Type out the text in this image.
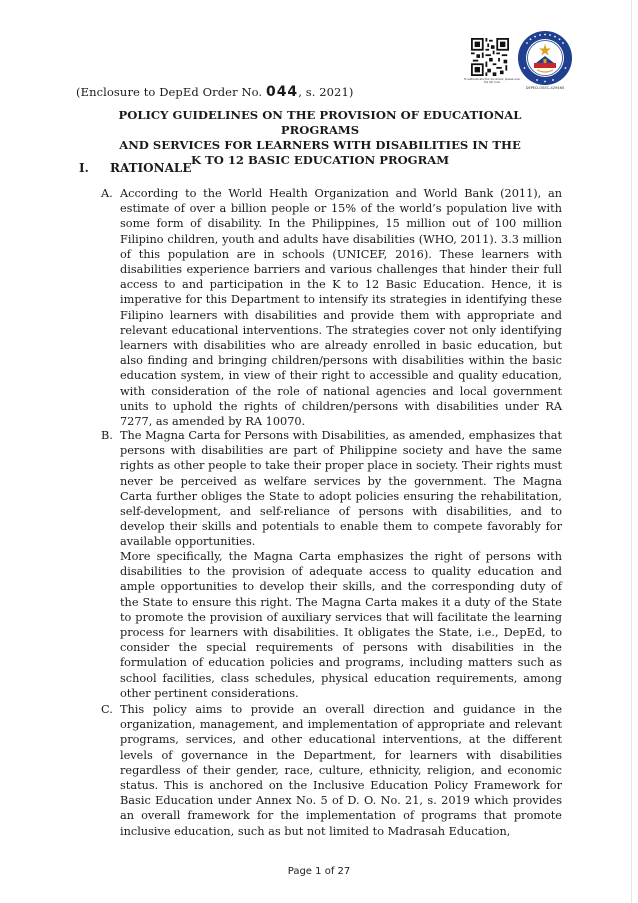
To authenticate this document, please scan the QR code
DEPED-OSEC-429465
(Enclosure to DepEd Order No. 044, s. 2021)
POLICY GUIDELINES ON THE PROVISION OF EDUCATIONAL PROGRAMS
AND SERVICES FOR LEARNERS WITH DISABILITIES IN THE
K TO 12 BASIC EDUCATION PROGRAM
I. RATIONALE
A. According to the World Health Organization and World Bank (2011), an estimate of over a billion people or 15% of the world’s population live with some form of disability. In the Philippines, 15 million out of 100 million Filipino children, youth and adults have disabilities (WHO, 2011). 3.3 million of this population are in schools (UNICEF, 2016). These learners with disabilities experience barriers and various challenges that hinder their full access to and participation in the K to 12 Basic Education. Hence, it is imperative for this Department to intensify its strategies in identifying these Filipino learners with disabilities and provide them with appropriate and relevant educational interventions. The strategies cover not only identifying learners with disabilities who are already enrolled in basic education, but also finding and bringing children/persons with disabilities within the basic education system, in view of their right to accessible and quality education, with consideration of the role of national agencies and local government units to uphold the rights of children/persons with disabilities under RA 7277, as amended by RA 10070.
B. The Magna Carta for Persons with Disabilities, as amended, emphasizes that persons with disabilities are part of Philippine society and have the same rights as other people to take their proper place in society. Their rights must never be perceived as welfare services by the government. The Magna Carta further obliges the State to adopt policies ensuring the rehabilitation, self-development, and self-reliance of persons with disabilities, and to develop their skills and potentials to enable them to compete favorably for available opportunities.
More specifically, the Magna Carta emphasizes the right of persons with disabilities to the provision of adequate access to quality education and ample opportunities to develop their skills, and the corresponding duty of the State to ensure this right. The Magna Carta makes it a duty of the State to promote the provision of auxiliary services that will facilitate the learning process for learners with disabilities. It obligates the State, i.e., DepEd, to consider the special requirements of persons with disabilities in the formulation of education policies and programs, including matters such as school facilities, class schedules, physical education requirements, among other pertinent considerations.
C. This policy aims to provide an overall direction and guidance in the organization, management, and implementation of appropriate and relevant programs, services, and other educational interventions, at the different levels of governance in the Department, for learners with disabilities regardless of their gender, race, culture, ethnicity, religion, and economic status. This is anchored on the Inclusive Education Policy Framework for Basic Education under Annex No. 5 of D. O. No. 21, s. 2019 which provides an overall framework for the implementation of programs that promote inclusive education, such as but not limited to Madrasah Education,
Page 1 of 27
